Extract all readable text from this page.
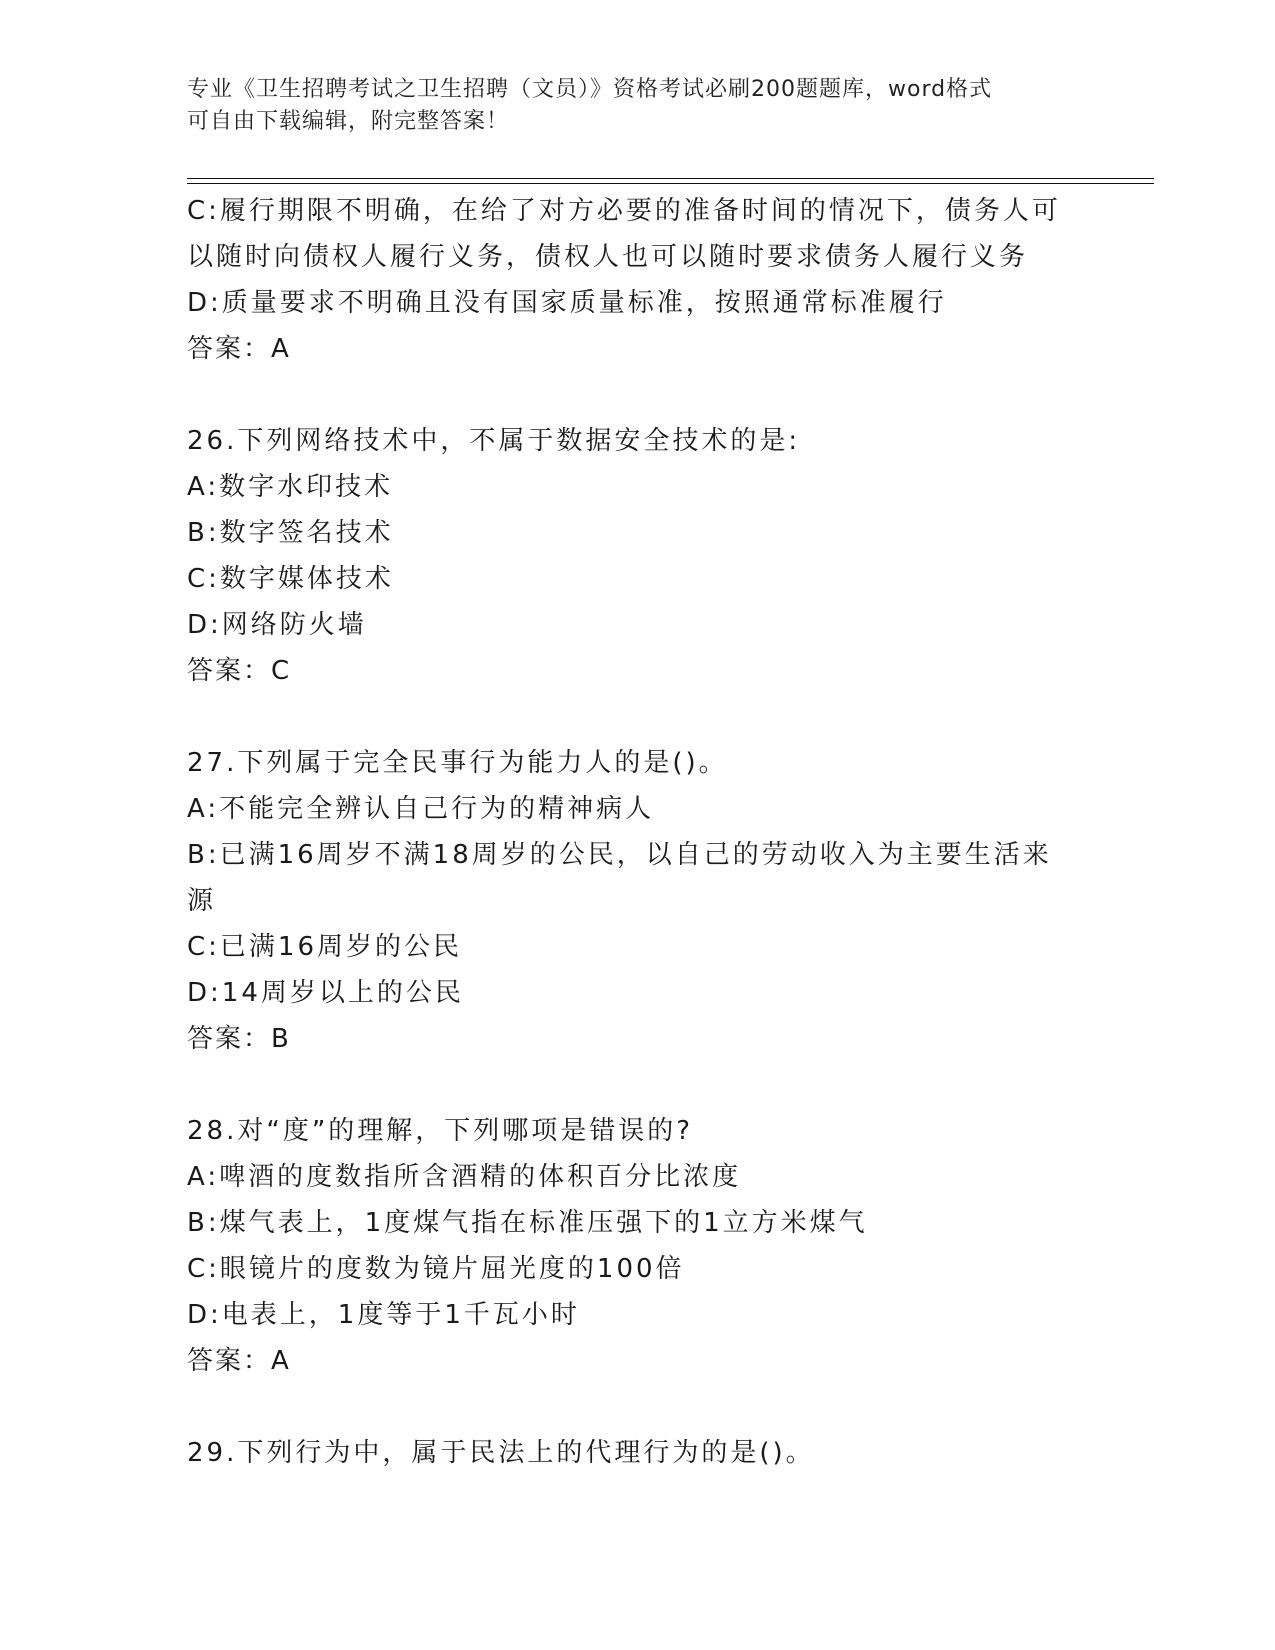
专业《卫生招聘考试之卫生招聘（文员）》资格考试必刷200题题库，word格式
可自由下载编辑，附完整答案！
C:履行期限不明确，在给了对方必要的准备时间的情况下，债务人可
以随时向债权人履行义务，债权人也可以随时要求债务人履行义务
D:质量要求不明确且没有国家质量标准，按照通常标准履行
答案：A
26.下列网络技术中，不属于数据安全技术的是:
A:数字水印技术
B:数字签名技术
C:数字媒体技术
D:网络防火墙
答案：C
27.下列属于完全民事行为能力人的是()。
A:不能完全辨认自己行为的精神病人
B:已满16周岁不满18周岁的公民，以自己的劳动收入为主要生活来
源
C:已满16周岁的公民
D:14周岁以上的公民
答案：B
28.对“度”的理解，下列哪项是错误的?
A:啤酒的度数指所含酒精的体积百分比浓度
B:煤气表上，1度煤气指在标准压强下的1立方米煤气
C:眼镜片的度数为镜片屈光度的100倍
D:电表上，1度等于1千瓦小时
答案：A
29.下列行为中，属于民法上的代理行为的是()。
